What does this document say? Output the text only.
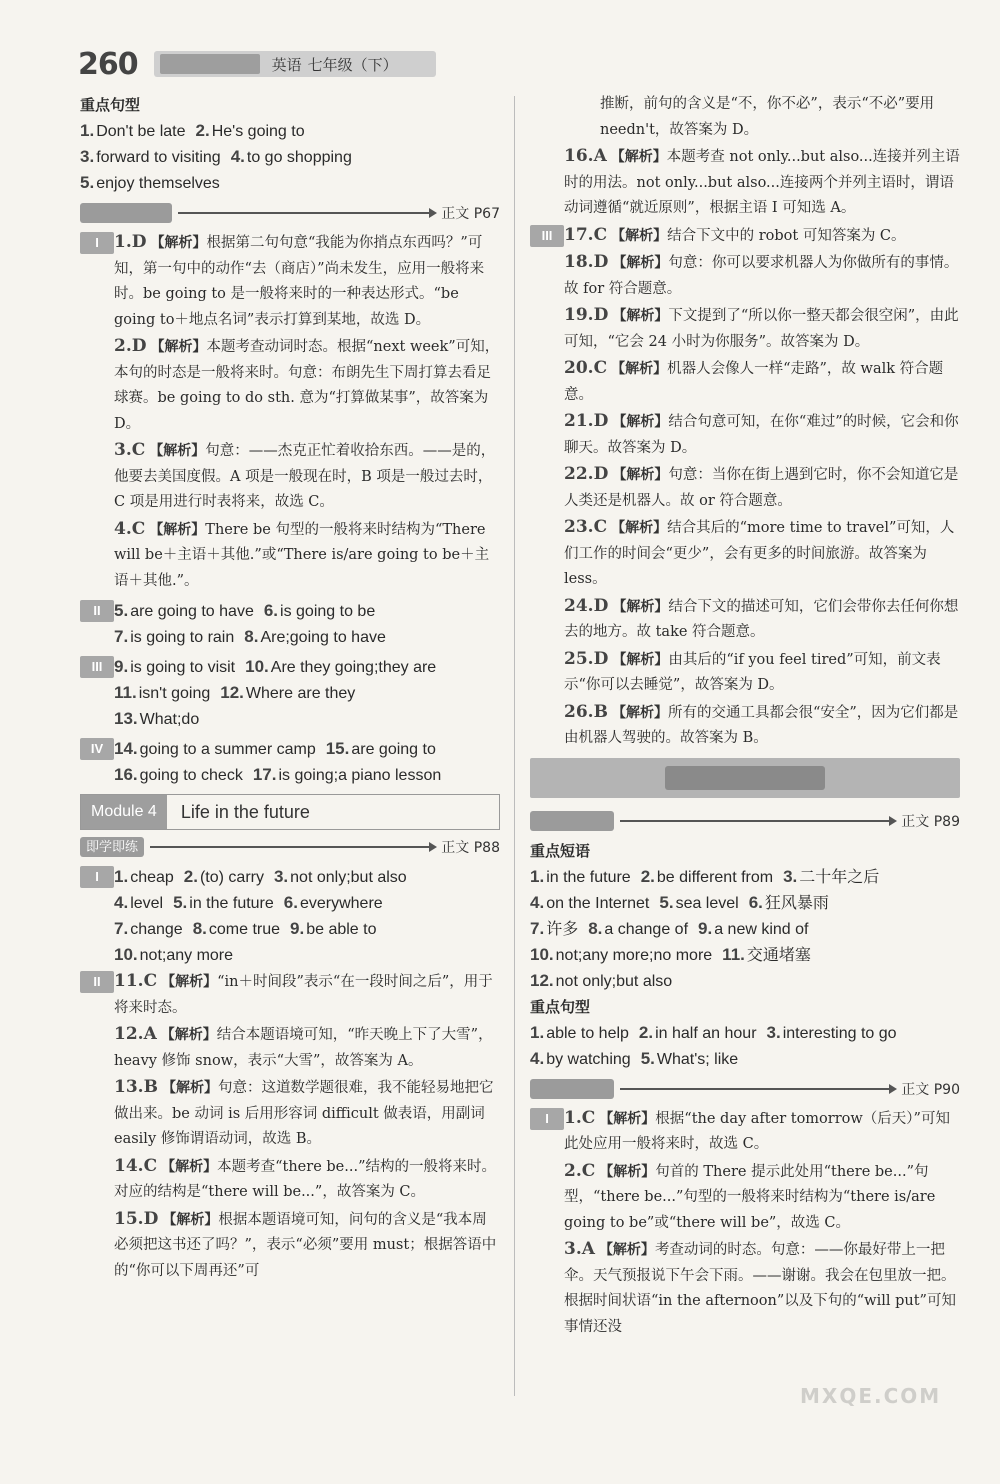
260	英语 七年级（下）
重点句型
1. Don't be late 2. He's going to
3. forward to visiting 4. to go shopping
5. enjoy themselves
正文 P67
I 1.D 【解析】根据第二句句意“我能为你捎点东西吗？”可知，第一句中的动作“去（商店）”尚未发生，应用一般将来时。be going to 是一般将来时的一种表达形式。“be going to＋地点名词”表示打算到某地，故选 D。
2.D 【解析】本题考查动词时态。根据“next week”可知，本句的时态是一般将来时。句意：布朗先生下周打算去看足球赛。be going to do sth. 意为“打算做某事”，故答案为 D。
3.C 【解析】句意：——杰克正忙着收拾东西。——是的，他要去美国度假。A 项是一般现在时，B 项是一般过去时，C 项是用进行时表将来，故选 C。
4.C 【解析】There be 句型的一般将来时结构为“There will be＋主语＋其他.”或“There is/are going to be＋主语＋其他.”。
II 5. are going to have 6. is going to be
7. is going to rain 8. Are;going to have
III 9. is going to visit 10. Are they going;they are
11. isn't going 12. Where are they
13. What;do
IV 14. going to a summer camp 15. are going to
16. going to check 17. is going;a piano lesson
Module 4	Life in the future
即学即练	正文 P88
I 1. cheap 2. (to) carry 3. not only;but also
4. level 5. in the future 6. everywhere
7. change 8. come true 9. be able to
10. not;any more
II 11.C 【解析】“in＋时间段”表示“在一段时间之后”，用于将来时态。
12.A 【解析】结合本题语境可知，“昨天晚上下了大雪”，heavy 修饰 snow，表示“大雪”，故答案为 A。
13.B 【解析】句意：这道数学题很难，我不能轻易地把它做出来。be 动词 is 后用形容词 difficult 做表语，用副词 easily 修饰谓语动词，故选 B。
14.C 【解析】本题考查“there be...”结构的一般将来时。对应的结构是“there will be...”，故答案为 C。
15.D 【解析】根据本题语境可知，问句的含义是“我本周必须把这书还了吗？”，表示“必须”要用 must；根据答语中的“你可以下周再还”可
推断，前句的含义是“不，你不必”，表示“不必”要用 needn't，故答案为 D。
16.A 【解析】本题考查 not only...but also...连接并列主语时的用法。not only...but also...连接两个并列主语时，谓语动词遵循“就近原则”，根据主语 I 可知选 A。
III 17.C 【解析】结合下文中的 robot 可知答案为 C。
18.D 【解析】句意：你可以要求机器人为你做所有的事情。故 for 符合题意。
19.D 【解析】下文提到了“所以你一整天都会很空闲”，由此可知，“它会 24 小时为你服务”。故答案为 D。
20.C 【解析】机器人会像人一样“走路”，故 walk 符合题意。
21.D 【解析】结合句意可知，在你“难过”的时候，它会和你聊天。故答案为 D。
22.D 【解析】句意：当你在街上遇到它时，你不会知道它是人类还是机器人。故 or 符合题意。
23.C 【解析】结合其后的“more time to travel”可知，人们工作的时间会“更少”，会有更多的时间旅游。故答案为 less。
24.D 【解析】结合下文的描述可知，它们会带你去任何你想去的地方。故 take 符合题意。
25.D 【解析】由其后的“if you feel tired”可知，前文表示“你可以去睡觉”，故答案为 D。
26.B 【解析】所有的交通工具都会很“安全”，因为它们都是由机器人驾驶的。故答案为 B。
正文 P89
重点短语
1. in the future 2. be different from 3. 二十年之后
4. on the Internet 5. sea level 6. 狂风暴雨
7. 许多 8. a change of 9. a new kind of
10. not;any more;no more 11. 交通堵塞
12. not only;but also
重点句型
1. able to help 2. in half an hour 3. interesting to go
4. by watching 5. What's; like
正文 P90
I 1.C 【解析】根据“the day after tomorrow（后天）”可知此处应用一般将来时，故选 C。
2.C 【解析】句首的 There 提示此处用“there be...”句型，“there be...”句型的一般将来时结构为“there is/are going to be”或“there will be”，故选 C。
3.A 【解析】考查动词的时态。句意：——你最好带上一把伞。天气预报说下午会下雨。——谢谢。我会在包里放一把。根据时间状语“in the afternoon”以及下句的“will put”可知事情还没
MXQE.COM
